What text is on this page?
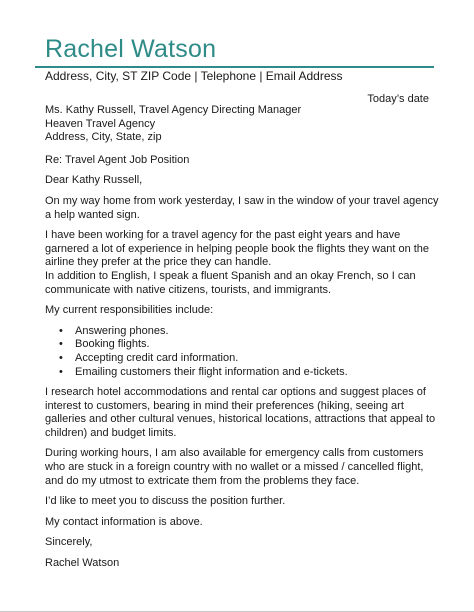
Rachel Watson
Address, City, ST ZIP Code | Telephone | Email Address
Today’s date

Ms. Kathy Russell, Travel Agency Directing Manager

Heaven Travel Agency

Address, City, State, zip

Re: Travel Agent Job Position

Dear Kathy Russell,

On my way home from work yesterday, I saw in the window of your travel agency a help wanted sign.

I have been working for a travel agency for the past eight years and have garnered a lot of experience in helping people book the flights they want on the airline they prefer at the price they can handle.

In addition to English, I speak a fluent Spanish and an okay French, so I can communicate with native citizens, tourists, and immigrants.

My current responsibilities include:

• Answering phones.
• Booking flights.
• Accepting credit card information.
• Emailing customers their flight information and e-tickets.

I research hotel accommodations and rental car options and suggest places of interest to customers, bearing in mind their preferences (hiking, seeing art galleries and other cultural venues, historical locations, attractions that appeal to children) and budget limits.

During working hours, I am also available for emergency calls from customers who are stuck in a foreign country with no wallet or a missed / cancelled flight, and do my utmost to extricate them from the problems they face.

I’d like to meet you to discuss the position further.

My contact information is above.

Sincerely,

Rachel Watson
